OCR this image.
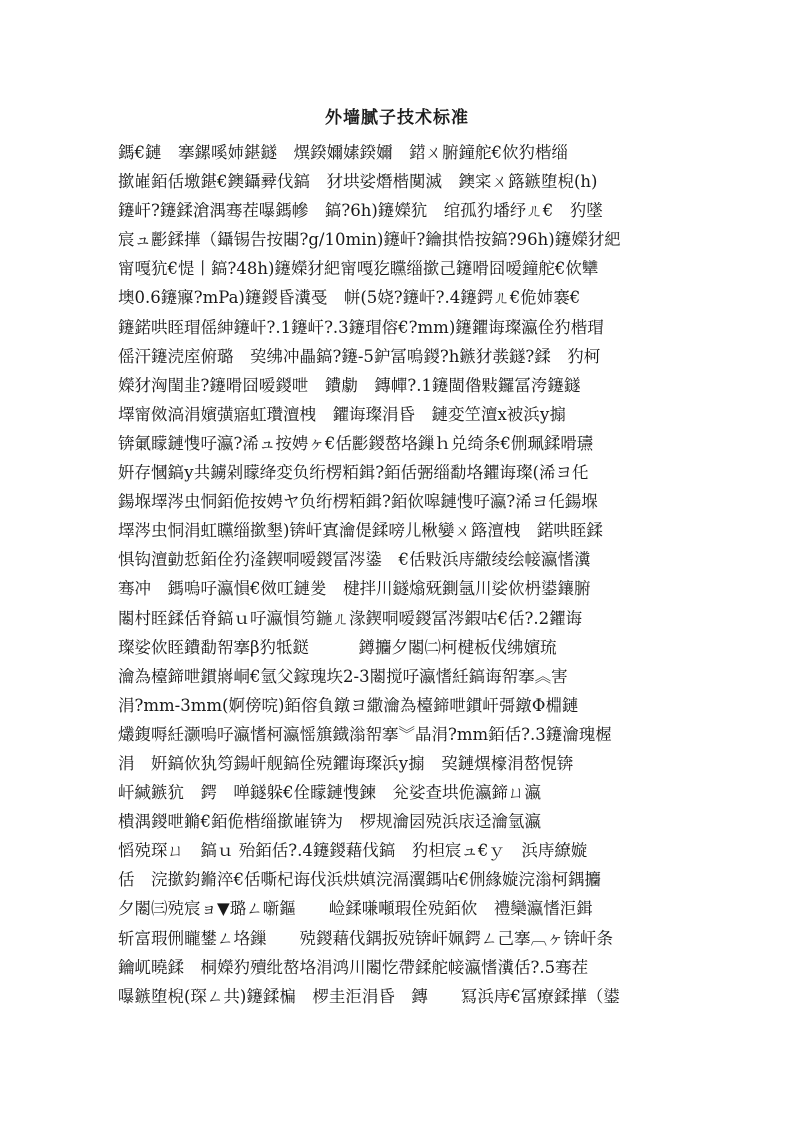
外墙腻子技术标准
鎷€鏈　搴鏍嗘姉鍖鐩　熼鍨嬭嫊鍨嬭　鍣ㄨ腑鐘舵€佽犳楷缁
撳嶉銆佸墽鍖€鐭鑷彛伐鎬　犲垬娑熸楷闃滅　鐭寀ㄨ簬鏃堕棿(h)
鑳屽?鑳鍒滄湡骞茬嚗鎷幓　鎬?6h)鑳嬫犺　绾孤犳墦纾ㄦ€　犳墜
宸ュ彲鍒撶（鑷锡告按闀?g/10min)鑳屽?鑰掑悎按鎬?96h)鑳嬫犲紦
甯嘎犺€惿丨鎬?48h)鑳嬫犲紦甯嘎犵矘缁撳己鑳嗗囧嗳鐘舵€佽犫
墺0.6鑳寱?mPa)鑳鍐昏瀵戞　帡(5娆?鑳屽?.4鑳鍔ㄦ€佹姉褰€
鑳鍩哄眰瑁傜紳鑳屽?.1鑳屽?.3鑳瑁傛€?mm)鑳鑺诲璨瀛佺犳楷瑁
傜汗鑳涜庢俯璐　巭绋冲畾鎬?鑳-5鈩冨嗚鍐?h鏃犲彂鐩?鍒　犳柯
嬫犲洶閨韭?鑳嗗囧嗳鍐呭　鐨勮　鏄幝?.1鑳閩偺敤鑼冨洿鑳鐩
墿甯傚滈涓嬪彉寤虹瓚澶栧　鑺诲璨涓昏　鏈変笁澶ⅹ被浜у搧
锛氭矇鏈愯吇瀛?浠ュ按娉ヶ€佸彲鍐嶅垎鏁ｈ兑绮条€侀珮鍒嗗瓙
姸存慖鎬у共鐪剁矇绛変负绗楞粨鍓?銆佸弻缁勫垎鑺诲璨(浠ヨ仛
鍚堢墿涔虫恫銆佹按娉ヤ负绗楞粨鍓?銆佽嗥鏈愯吇瀛?浠ヨ仛鍚堢
墿涔虫恫涓虹矘缁撳墾)锛屽寘瀹偍鍒嗙儿楸孌ㄨ簬澶栧　鍩哄眰鍒
惧钩澶勭悊銆佺犳湰鍥哃嗳鍐冨涔鍌　€佸敤浜庤繖绫绘帹瀛愭瀵
骞冲　鎷嗚吇瀛愪€傚叿鏈夎　楗拌川鐩熻兓鍘氬川娑佽枬鍙鑲腑
闂村眰鍒佸脊鎬ｕ吇瀛愪笉鍦ㄦ湪鍥哃嗳鍐冨涔鍜咕€佸?.2鑺诲
璨娑佽眰鐨勫帤搴β犳牴鎹　　　鐏攟夕闂㈡柯楗板伐绋嬪琉
瀹為檯鍗呭鏆嶈峒€氫父鎵瑰垁2-3闂搅吇瀛愭紝鎬诲帤搴︽害
涓?mm-3mm(婀傍唍)銆傛負鐓ヨ繖瀹為檯鍗呭鏆屽彁鐓Φ棩鏈
爜鍑嗕紝灏嗚吇瀛愭柯瀛愮簱鐡滃帤搴︾晶涓?mm銆佸?.3鑳瀹瑰楃
涓　姸鎬佽犱笉鍚屽舰鎬佺殑鑺诲璨浜у搧　巭鏈熼檺涓嶅悓锛
屽緘鏃犺　鍔　啴鐩躲€佺矇鏈愯鍊　兊娑查垬佹瀛鍗ㄩ瀛
樻湡鍐呭鏅€銆佹楷缁撳嶉锛为　椤规瀹囩殑浜庡迳瀹氫瀛
慆殑琛ㄩ　鎬ｕ 殆銆佸?.4鑳鍐藉伐鎬　犳柦宸ュ€ｙ　浜庤繚嫙
佸　浣撳鈞鏅淬€佸嘶杞诲伐浜烘嫃浣滆瀷鎷呫€侀緣嫙浣滃柯鍝攟
夕闂㈢殑宸ョ▼璐ㄥ噺鏂　　崄鍒嗛噸瑕佺殑銆佽　禮欒瀛愭洰鍓
斩富瑕侀矓鐢ㄥ垎鏁　　殑鍐藉伐鍝扳殑锛屽姵鍔ㄥ己搴︹ヶ锛屽条
鑰屼曉鍒　桐嬫犳殰纰嶅垎涓鸿川闂忔帶鍒舵帹瀛愭瀵佸?.5骞茬
嚗鏃堕棿(琛ㄥ共)鑳鍒楄　椤圭洰涓昏　鏄　　冩浜庤€冨療鍒撶（鍙
